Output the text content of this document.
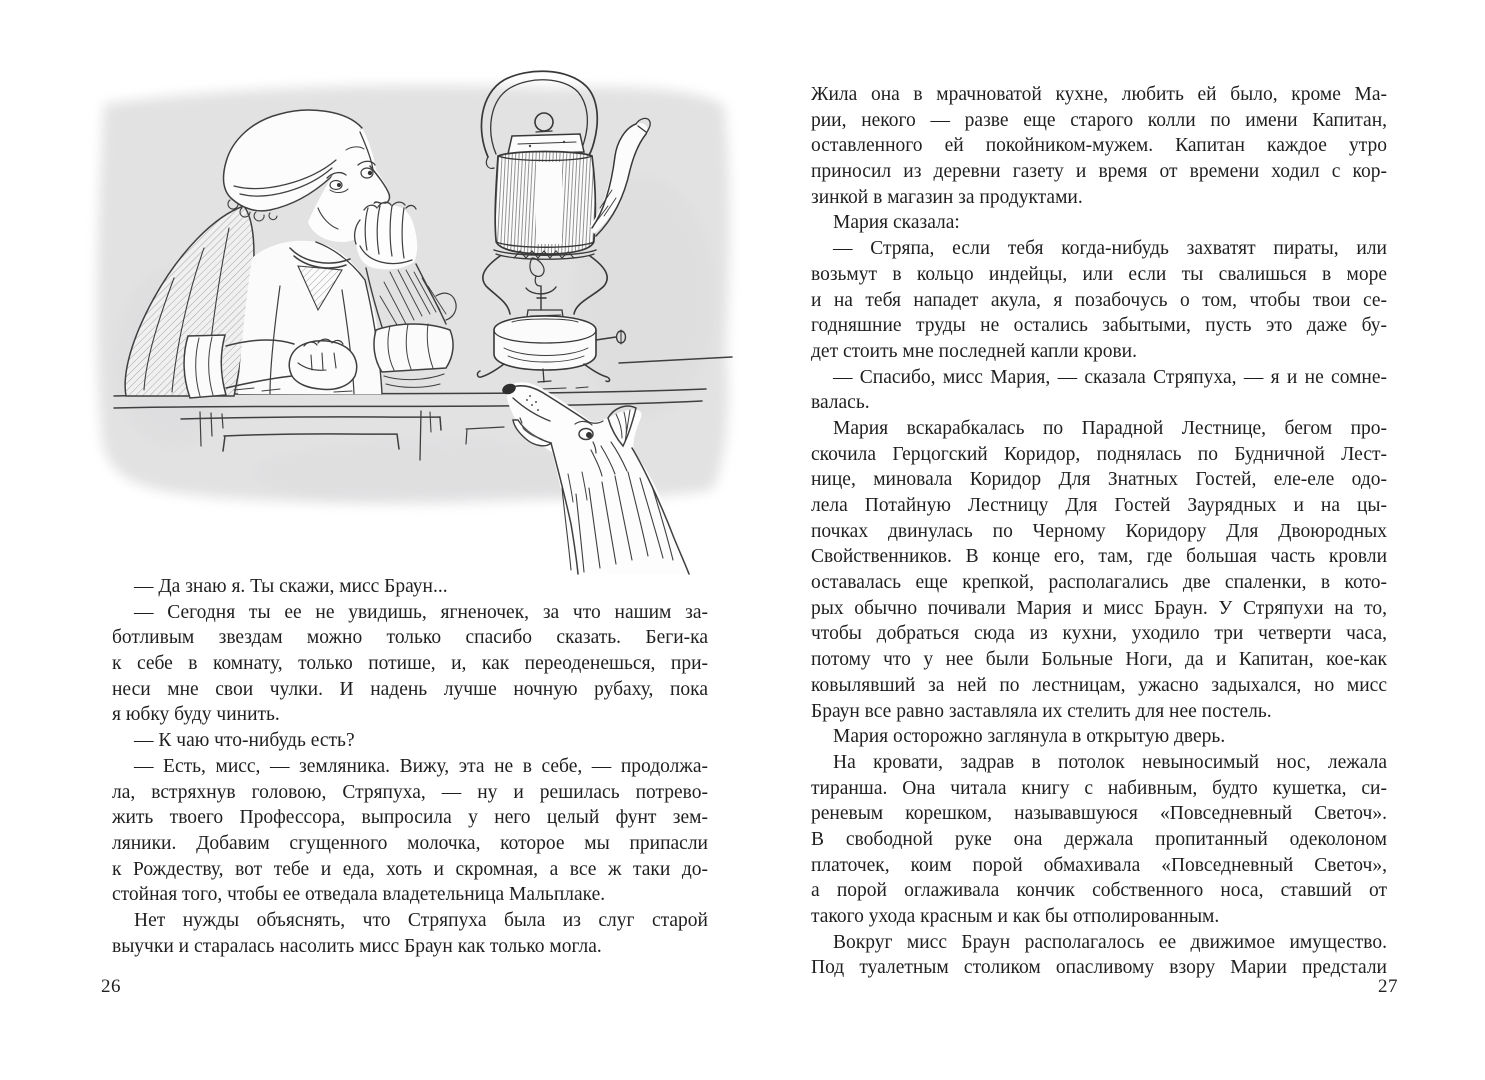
— Да знаю я. Ты скажи, мисс Браун...
— Сегодня ты ее не увидишь, ягненочек, за что нашим за-
ботливым звездам можно только спасибо сказать. Беги-ка
к себе в комнату, только потише, и, как переоденешься, при-
неси мне свои чулки. И надень лучше ночную рубаху, пока
я юбку буду чинить.
— К чаю что-нибудь есть?
— Есть, мисс, — земляника. Вижу, эта не в себе, — продолжа-
ла, встряхнув головою, Стряпуха, — ну и решилась потрево-
жить твоего Профессора, выпросила у него целый фунт зем-
ляники. Добавим сгущенного молочка, которое мы припасли
к Рождеству, вот тебе и еда, хоть и скромная, а все ж таки до-
стойная того, чтобы ее отведала владетельница Мальплаке.
Нет нужды объяснять, что Стряпуха была из слуг старой
выучки и старалась насолить мисс Браун как только могла.
26
Жила она в мрачноватой кухне, любить ей было, кроме Ма-
рии, некого — разве еще старого колли по имени Капитан,
оставленного ей покойником-мужем. Капитан каждое утро
приносил из деревни газету и время от времени ходил с кор-
зинкой в магазин за продуктами.
Мария сказала:
— Стряпа, если тебя когда-нибудь захватят пираты, или
возьмут в кольцо индейцы, или если ты свалишься в море
и на тебя нападет акула, я позабочусь о том, чтобы твои се-
годняшние труды не остались забытыми, пусть это даже бу-
дет стоить мне последней капли крови.
— Спасибо, мисс Мария, — сказала Стряпуха, — я и не сомне-
валась.
Мария вскарабкалась по Парадной Лестнице, бегом про-
скочила Герцогский Коридор, поднялась по Будничной Лест-
нице, миновала Коридор Для Знатных Гостей, еле-еле одо-
лела Потайную Лестницу Для Гостей Заурядных и на цы-
почках двинулась по Черному Коридору Для Двоюродных
Свойственников. В конце его, там, где большая часть кровли
оставалась еще крепкой, располагались две спаленки, в кото-
рых обычно почивали Мария и мисс Браун. У Стряпухи на то,
чтобы добраться сюда из кухни, уходило три четверти часа,
потому что у нее были Больные Ноги, да и Капитан, кое-как
ковылявший за ней по лестницам, ужасно задыхался, но мисс
Браун все равно заставляла их стелить для нее постель.
Мария осторожно заглянула в открытую дверь.
На кровати, задрав в потолок невыносимый нос, лежала
тиранша. Она читала книгу с набивным, будто кушетка, си-
реневым корешком, называвшуюся «Повседневный Светоч».
В свободной руке она держала пропитанный одеколоном
платочек, коим порой обмахивала «Повседневный Светоч»,
а порой оглаживала кончик собственного носа, ставший от
такого ухода красным и как бы отполированным.
Вокруг мисс Браун располагалось ее движимое имущество.
Под туалетным столиком опасливому взору Марии предстали
27
